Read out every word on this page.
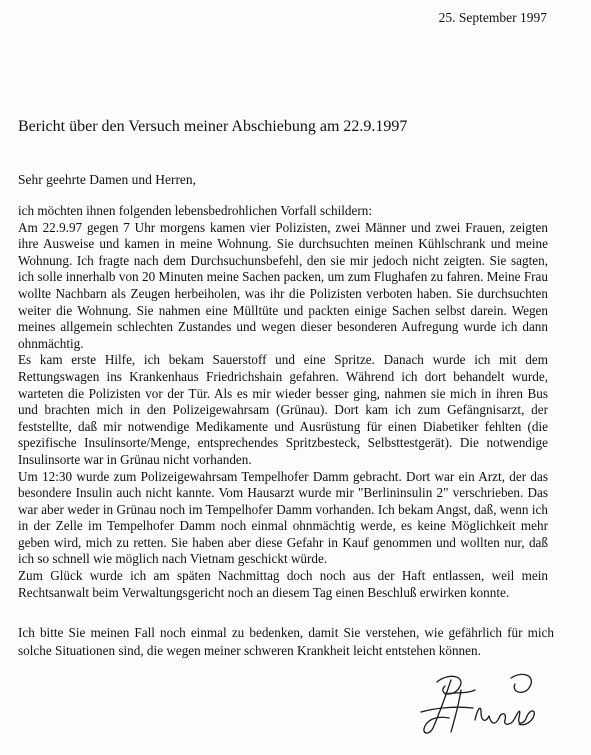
25. September 1997
Bericht über den Versuch meiner Abschiebung am 22.9.1997
Sehr geehrte Damen und Herren,

ich möchten ihnen folgenden lebensbedrohlichen Vorfall schildern:

Am 22.9.97 gegen 7 Uhr morgens kamen vier Polizisten, zwei Männer und zwei Frauen, zeigten ihre Ausweise und kamen in meine Wohnung. Sie durchsuchten meinen Kühlschrank und meine Wohnung. Ich fragte nach dem Durchsuchunsbefehl, den sie mir jedoch nicht zeigten. Sie sagten, ich solle innerhalb von 20 Minuten meine Sachen packen, um zum Flughafen zu fahren. Meine Frau wollte Nachbarn als Zeugen herbeiholen, was ihr die Polizisten verboten haben. Sie durchsuchten weiter die Wohnung. Sie nahmen eine Mülltüte und packten einige Sachen selbst darein. Wegen meines allgemein schlechten Zustandes und wegen dieser besonderen Aufregung wurde ich dann ohnmächtig.

Es kam erste Hilfe, ich bekam Sauerstoff und eine Spritze. Danach wurde ich mit dem Rettungswagen ins Krankenhaus Friedrichshain gefahren. Während ich dort behandelt wurde, warteten die Polizisten vor der Tür. Als es mir wieder besser ging, nahmen sie mich in ihren Bus und brachten mich in den Polizeigewahrsam (Grünau). Dort kam ich zum Gefängnisarzt, der feststellte, daß mir notwendige Medikamente und Ausrüstung für einen Diabetiker fehlten (die spezifische Insulinsorte/Menge, entsprechendes Spritzbesteck, Selbsttestgerät). Die notwendige Insulinsorte war in Grünau nicht vorhanden.

Um 12:30 wurde zum Polizeigewahrsam Tempelhofer Damm gebracht. Dort war ein Arzt, der das besondere Insulin auch nicht kannte. Vom Hausarzt wurde mir "Berlininsulin 2" verschrieben. Das war aber weder in Grünau noch im Tempelhofer Damm vorhanden. Ich bekam Angst, daß, wenn ich in der Zelle im Tempelhofer Damm noch einmal ohnmächtig werde, es keine Möglichkeit mehr geben wird, mich zu retten. Sie haben aber diese Gefahr in Kauf genommen und wollten nur, daß ich so schnell wie möglich nach Vietnam geschickt würde.

Zum Glück wurde ich am späten Nachmittag doch noch aus der Haft entlassen, weil mein Rechtsanwalt beim Verwaltungsgericht noch an diesem Tag einen Beschluß erwirken konnte.

Ich bitte Sie meinen Fall noch einmal zu bedenken, damit Sie verstehen, wie gefährlich für mich solche Situationen sind, die wegen meiner schweren Krankheit leicht entstehen können.
